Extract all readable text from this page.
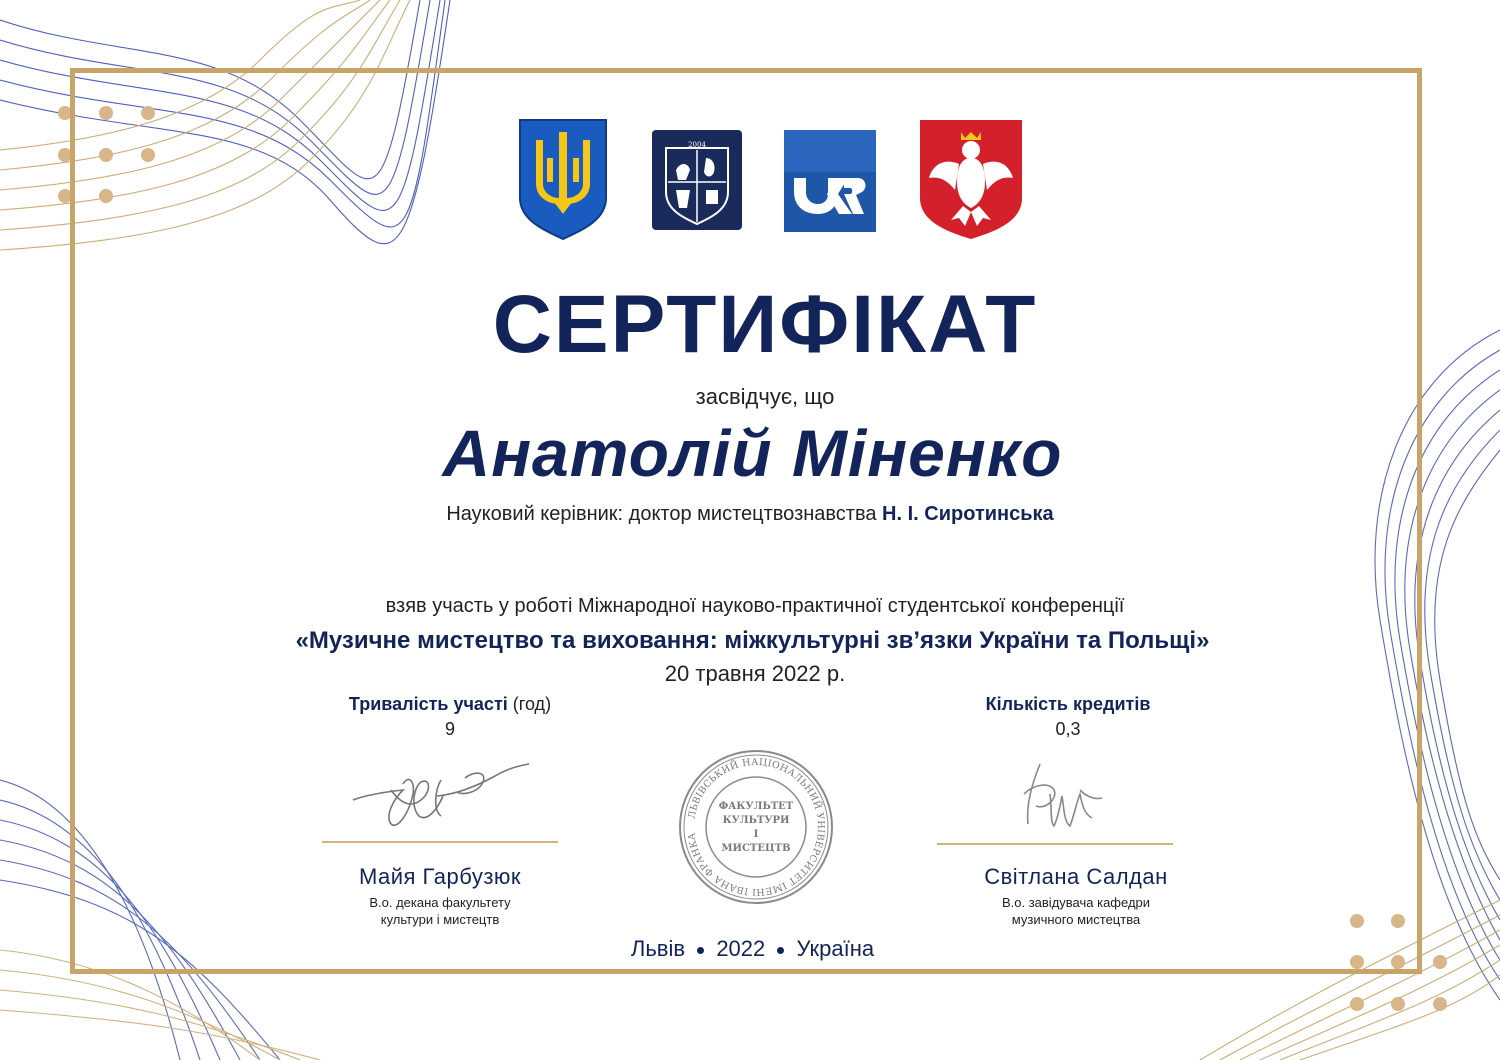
2004
СЕРТИФІКАТ
засвідчує, що
Анатолій Міненко
Науковий керівник: доктор мистецтвознавства Н. І. Сиротинська
взяв участь у роботі Міжнародної науково-практичної студентської конференції
«Музичне мистецтво та виховання: міжкультурні зв’язки України та Польщі»
20 травня 2022 р.
Тривалість участі (год)
9
Кількість кредитів
0,3
Майя Гарбузюк
В.о. декана факультету
культури і мистецтв
Світлана Салдан
В.о. завідувача кафедри
музичного мистецтва
ЛЬВІВСЬКИЙ НАЦІОНАЛЬНИЙ УНІВЕРСИТЕТ ІМЕНІ ІВАНА ФРАНКА
ФАКУЛЬТЕТ
КУЛЬТУРИ
І
МИСТЕЦТВ
Львів 2022 Україна
